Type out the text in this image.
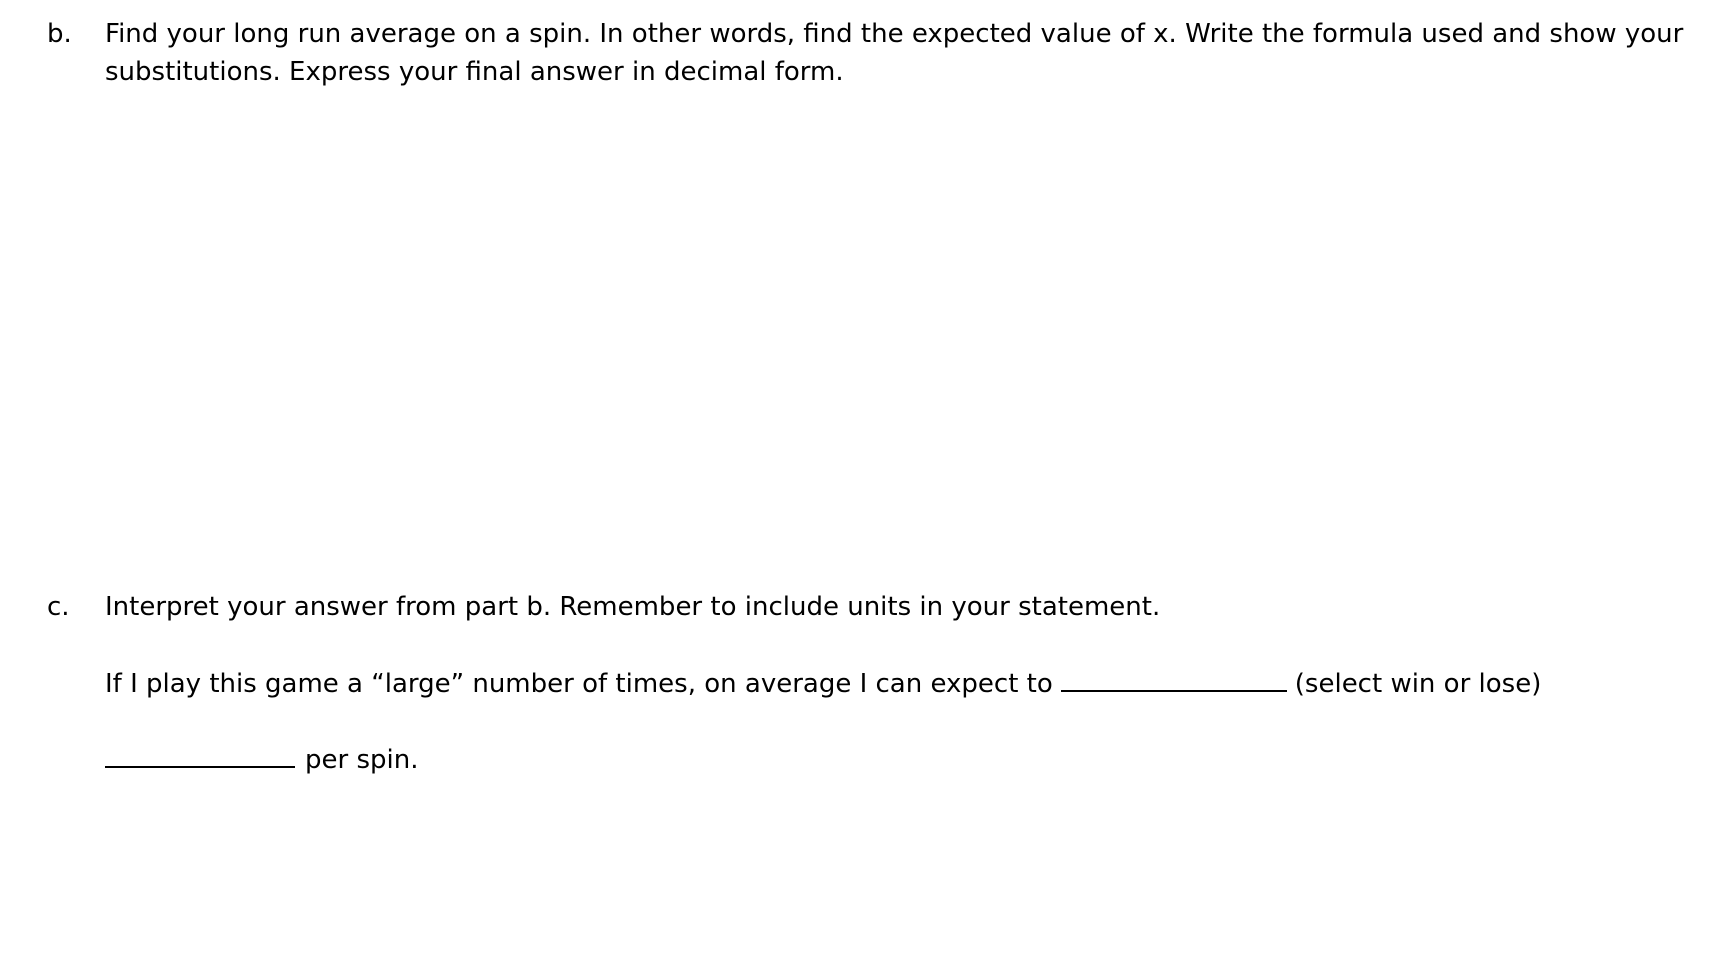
b. Find your long run average on a spin. In other words, find the expected value of x. Write the formula used and show your
substitutions. Express your final answer in decimal form.
c. Interpret your answer from part b. Remember to include units in your statement.
If I play this game a “large” number of times, on average I can expect to	(select win or lose)
per spin.
